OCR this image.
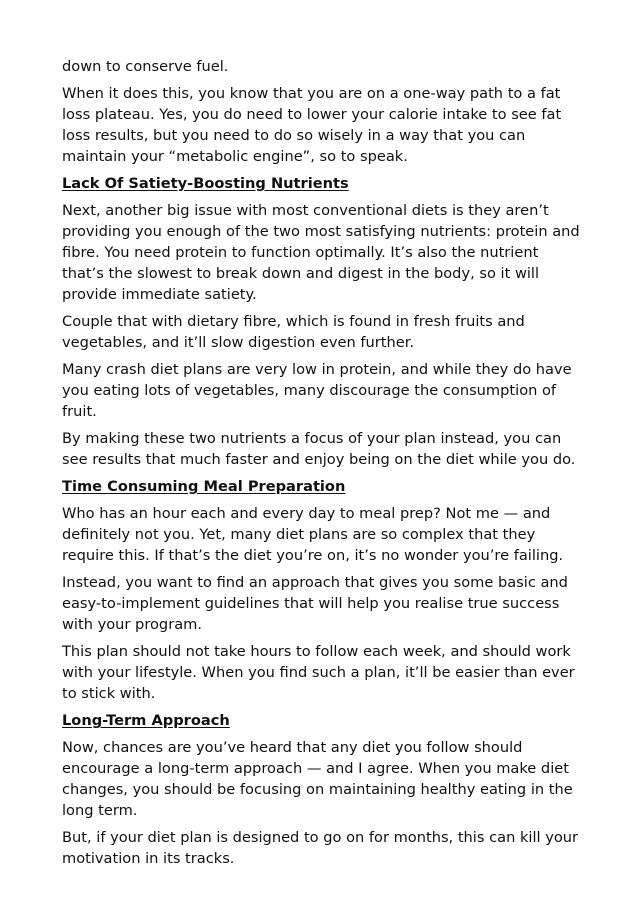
down to conserve fuel.

When it does this, you know that you are on a one-way path to a fat loss plateau. Yes, you do need to lower your calorie intake to see fat loss results, but you need to do so wisely in a way that you can maintain your “metabolic engine”, so to speak.

Lack Of Satiety-Boosting Nutrients

Next, another big issue with most conventional diets is they aren’t providing you enough of the two most satisfying nutrients: protein and fibre. You need protein to function optimally. It’s also the nutrient that’s the slowest to break down and digest in the body, so it will provide immediate satiety.

Couple that with dietary fibre, which is found in fresh fruits and vegetables, and it’ll slow digestion even further.

Many crash diet plans are very low in protein, and while they do have you eating lots of vegetables, many discourage the consumption of fruit.

By making these two nutrients a focus of your plan instead, you can see results that much faster and enjoy being on the diet while you do.

Time Consuming Meal Preparation

Who has an hour each and every day to meal prep? Not me — and definitely not you. Yet, many diet plans are so complex that they require this. If that’s the diet you’re on, it’s no wonder you’re failing.

Instead, you want to find an approach that gives you some basic and easy-to-implement guidelines that will help you realise true success with your program.

This plan should not take hours to follow each week, and should work with your lifestyle. When you find such a plan, it’ll be easier than ever to stick with.

Long-Term Approach

Now, chances are you’ve heard that any diet you follow should encourage a long-term approach — and I agree. When you make diet changes, you should be focusing on maintaining healthy eating in the long term.

But, if your diet plan is designed to go on for months, this can kill your motivation in its tracks.
